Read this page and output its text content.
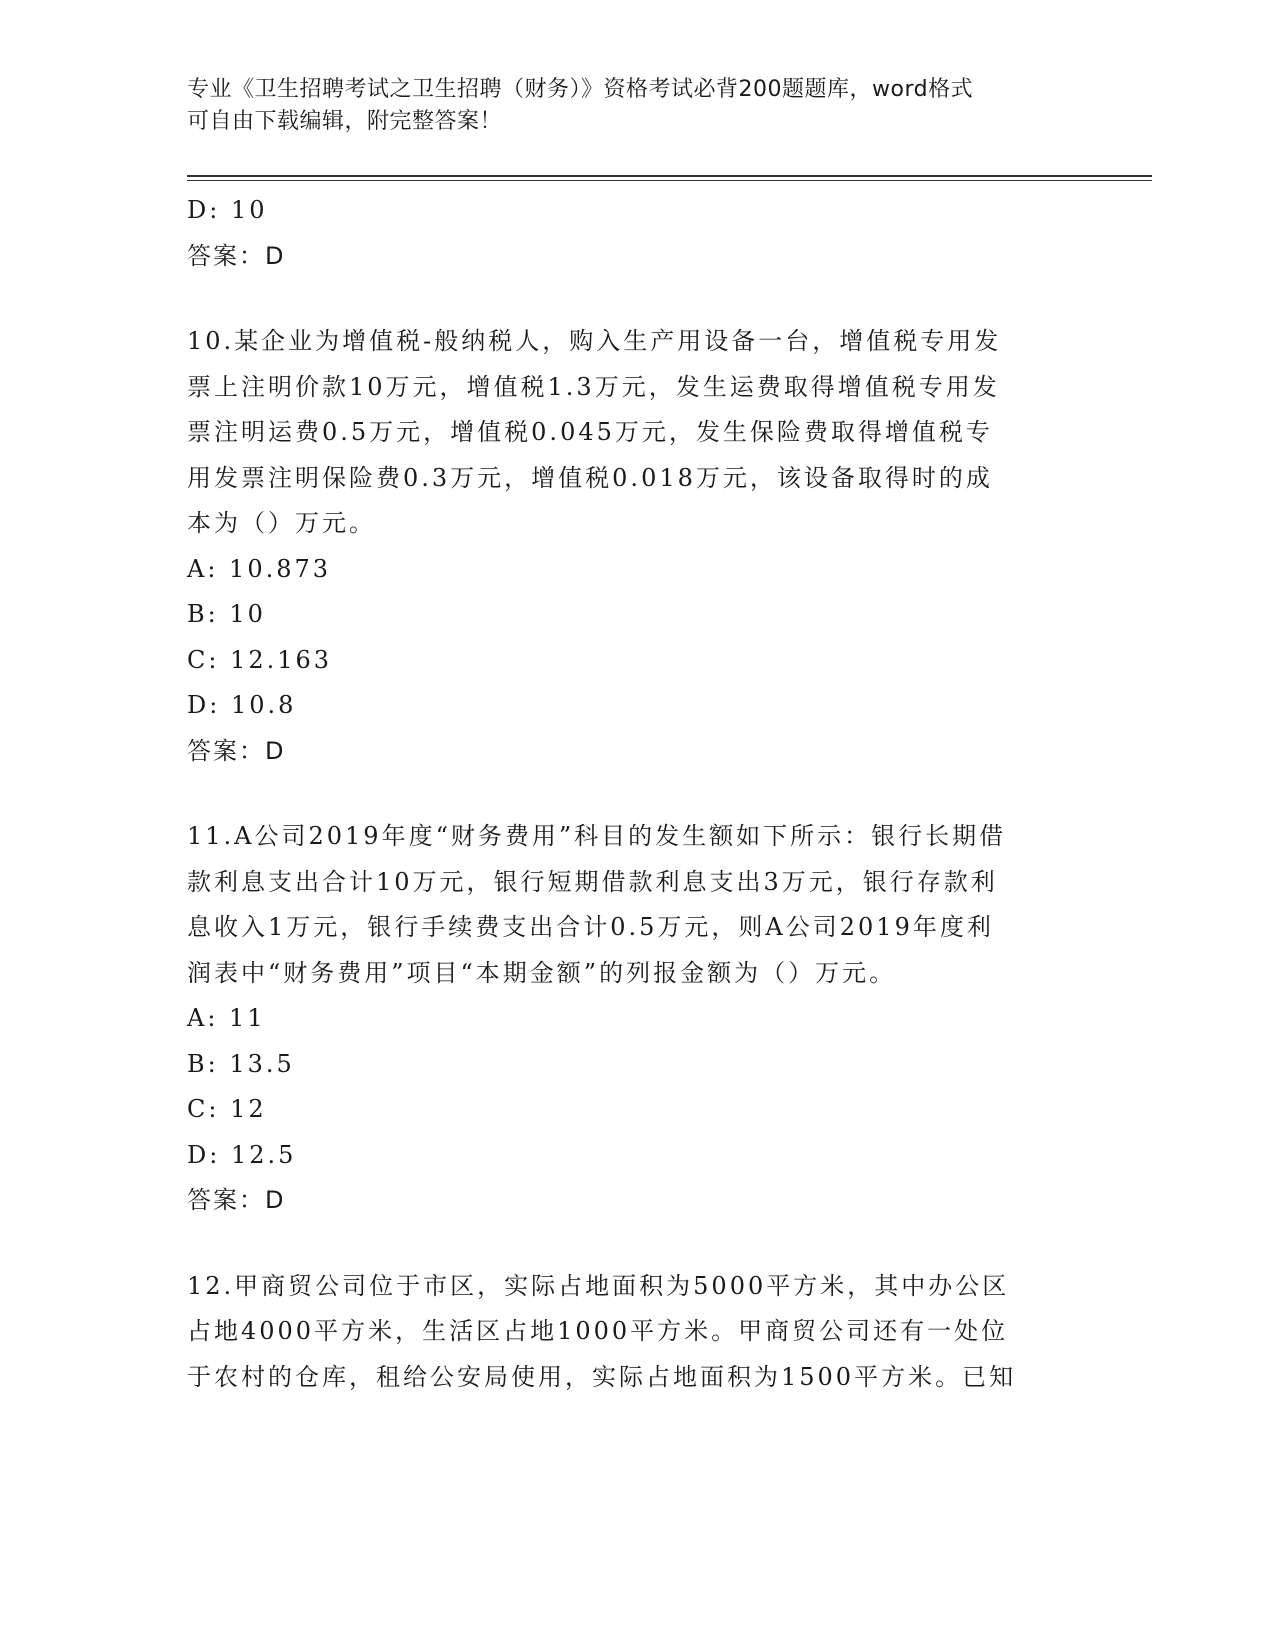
专业《卫生招聘考试之卫生招聘（财务）》资格考试必背200题题库，word格式
可自由下载编辑，附完整答案！
D: 10
答案：D
10.某企业为增值税-般纳税人，购入生产用设备一台，增值税专用发
票上注明价款10万元，增值税1.3万元，发生运费取得增值税专用发
票注明运费0.5万元，增值税0.045万元，发生保险费取得增值税专
用发票注明保险费0.3万元，增值税0.018万元，该设备取得时的成
本为（）万元。
A: 10.873
B: 10
C: 12.163
D: 10.8
答案：D
11.A公司2019年度“财务费用”科目的发生额如下所示：银行长期借
款利息支出合计10万元，银行短期借款利息支出3万元，银行存款利
息收入1万元，银行手续费支出合计0.5万元，则A公司2019年度利
润表中“财务费用”项目“本期金额”的列报金额为（）万元。
A: 11
B: 13.5
C: 12
D: 12.5
答案：D
12.甲商贸公司位于市区，实际占地面积为5000平方米，其中办公区
占地4000平方米，生活区占地1000平方米。甲商贸公司还有一处位
于农村的仓库，租给公安局使用，实际占地面积为1500平方米。已知
